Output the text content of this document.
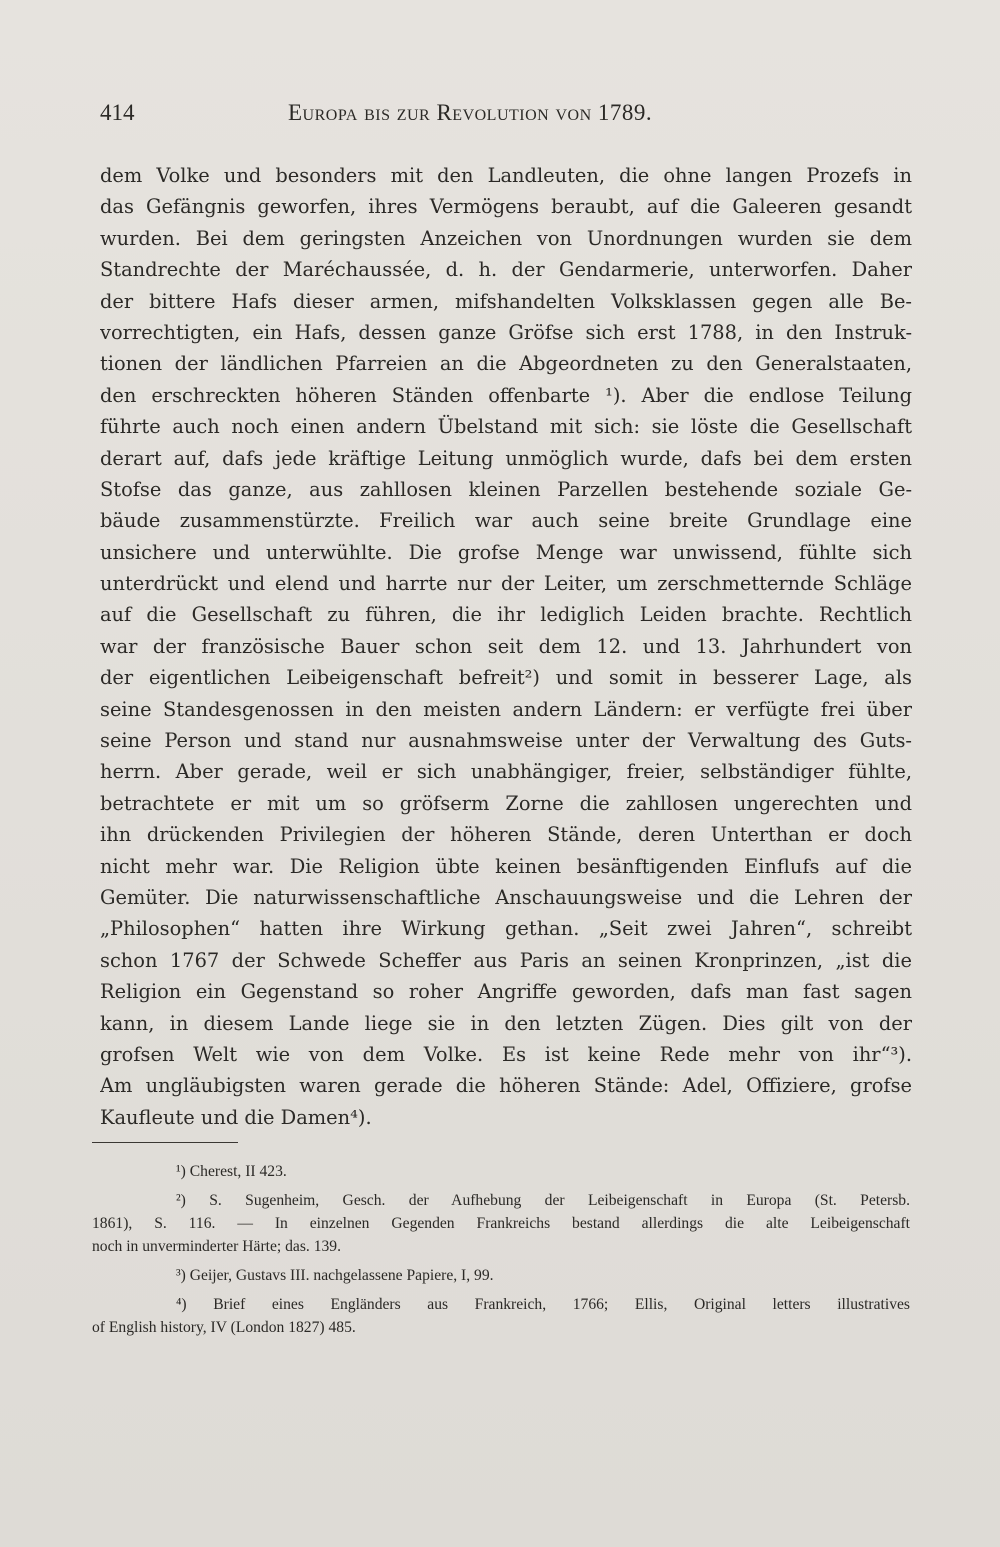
414	Europa bis zur Revolution von 1789.
dem Volke und besonders mit den Landleuten, die ohne langen Prozefs in
das Gefängnis geworfen, ihres Vermögens beraubt, auf die Galeeren gesandt
wurden. Bei dem geringsten Anzeichen von Unordnungen wurden sie dem
Standrechte der Maréchaussée, d. h. der Gendarmerie, unterworfen. Daher
der bittere Hafs dieser armen, mifshandelten Volksklassen gegen alle Be-
vorrechtigten, ein Hafs, dessen ganze Gröfse sich erst 1788, in den Instruk-
tionen der ländlichen Pfarreien an die Abgeordneten zu den Generalstaaten,
den erschreckten höheren Ständen offenbarte ¹). Aber die endlose Teilung
führte auch noch einen andern Übelstand mit sich: sie löste die Gesellschaft
derart auf, dafs jede kräftige Leitung unmöglich wurde, dafs bei dem ersten
Stofse das ganze, aus zahllosen kleinen Parzellen bestehende soziale Ge-
bäude zusammenstürzte. Freilich war auch seine breite Grundlage eine
unsichere und unterwühlte. Die grofse Menge war unwissend, fühlte sich
unterdrückt und elend und harrte nur der Leiter, um zerschmetternde Schläge
auf die Gesellschaft zu führen, die ihr lediglich Leiden brachte. Rechtlich
war der französische Bauer schon seit dem 12. und 13. Jahrhundert von
der eigentlichen Leibeigenschaft befreit²) und somit in besserer Lage, als
seine Standesgenossen in den meisten andern Ländern: er verfügte frei über
seine Person und stand nur ausnahmsweise unter der Verwaltung des Guts-
herrn. Aber gerade, weil er sich unabhängiger, freier, selbständiger fühlte,
betrachtete er mit um so gröfserm Zorne die zahllosen ungerechten und
ihn drückenden Privilegien der höheren Stände, deren Unterthan er doch
nicht mehr war. Die Religion übte keinen besänftigenden Einflufs auf die
Gemüter. Die naturwissenschaftliche Anschauungsweise und die Lehren der
„Philosophen“ hatten ihre Wirkung gethan. „Seit zwei Jahren“, schreibt
schon 1767 der Schwede Scheffer aus Paris an seinen Kronprinzen, „ist die
Religion ein Gegenstand so roher Angriffe geworden, dafs man fast sagen
kann, in diesem Lande liege sie in den letzten Zügen. Dies gilt von der
grofsen Welt wie von dem Volke. Es ist keine Rede mehr von ihr“³).
Am ungläubigsten waren gerade die höheren Stände: Adel, Offiziere, grofse
Kaufleute und die Damen⁴).
¹) Cherest, II 423.
²) S. Sugenheim, Gesch. der Aufhebung der Leibeigenschaft in Europa (St. Petersb.
1861), S. 116. — In einzelnen Gegenden Frankreichs bestand allerdings die alte Leibeigenschaft
noch in unverminderter Härte; das. 139.
³) Geijer, Gustavs III. nachgelassene Papiere, I, 99.
⁴) Brief eines Engländers aus Frankreich, 1766; Ellis, Original letters illustratives
of English history, IV (London 1827) 485.
